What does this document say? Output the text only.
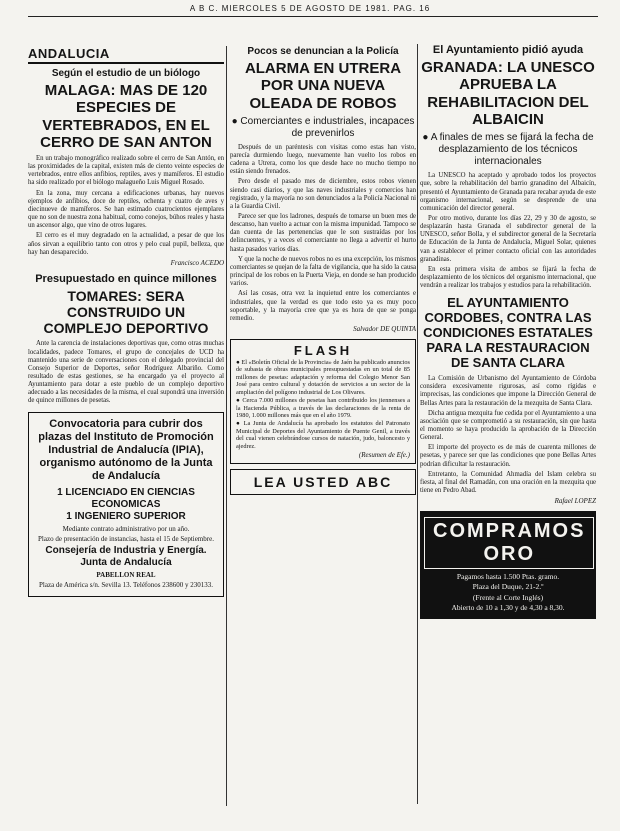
A B C. MIERCOLES 5 DE AGOSTO DE 1981. PAG. 16
ANDALUCIA
Según el estudio de un biólogo
MALAGA: MAS DE 120 ESPECIES DE VERTEBRADOS, EN EL CERRO DE SAN ANTON

En un trabajo monográfico realizado sobre el cerro de San Antón, en las proximidades de la capital, existen más de ciento veinte especies de vertebrados, entre ellos anfibios, reptiles, aves y mamíferos. El estudio ha sido realizado por el biólogo malagueño Luis Miguel Rosado.

En la zona, muy cercana a edificaciones urbanas, hay nuevos ejemplos de anfibios, doce de reptiles, ochenta y cuatro de aves y diecinueve de mamíferos. Se han estimado cuatrocientos ejemplares que no son de nuestra zona habitual, como conejos, búhos reales y hasta un ascensor algo, que vino de otros lugares.

El cerro es el muy degradado en la actualidad, a pesar de que los años sirvan a equilibrio tanto con otros y pelo cual pupil, belleza, que hay han desaparecido.

Francisco ACEDO
Presupuestado en quince millones
TOMARES: SERA CONSTRUIDO UN COMPLEJO DEPORTIVO

Ante la carencia de instalaciones deportivas que, como otras muchas localidades, padece Tomares, el grupo de concejales de UCD ha mantenido una serie de conversaciones con el delegado provincial del Consejo Superior de Deportes, señor Rodríguez Albariño. Como resultado de estas gestiones, se ha encargado ya el proyecto al Ayuntamiento para dotar a este pueblo de un complejo deportivo adecuado a las necesidades de la misma, el cual supondrá una inversión de quince millones de pesetas.

Convocatoria para cubrir dos plazas del Instituto de Promoción Industrial de Andalucía (IPIA), organismo autónomo de la Junta de Andalucía
1 LICENCIADO EN CIENCIAS ECONOMICAS
1 INGENIERO SUPERIOR
Mediante contrato administrativo por un año.
Plazo de presentación de instancias, hasta el 15 de Septiembre.
Consejería de Industria y Energía. Junta de Andalucía
PABELLON REAL
Plaza de América s/n. Sevilla 13. Teléfonos 238600 y 230133.
Pocos se denuncian a la Policía
ALARMA EN UTRERA POR UNA NUEVA OLEADA DE ROBOS
● Comerciantes e industriales, incapaces de prevenirlos

Después de un paréntesis con visitas como estas han visto, parecía durmiendo luego, nuevamente han vuelto los robos en cadena a Utrera, como los que desde hace no mucho tiempo no están siendo frenados.

Pero desde el pasado mes de diciembre, estos robos vienen siendo casi diarios, y que las naves industriales y comercios han registrado, y la mayoría no son denunciados a la Policía Nacional ni a la Guardia Civil.

Parece ser que los ladrones, después de tomarse un buen mes de descanso, han vuelto a actuar con la misma impunidad. Tampoco se dan cuenta de las pertenencias que le son sustraídas por los delincuentes, y a veces el comerciante no llega a advertir el hurto hasta pasados varios días.

Y que la noche de nuevos robos no es una excepción, los mismos comerciantes se quejan de la falta de vigilancia, que ha sido la causa principal de los robos en la Puerta Vieja, en donde se han producido varios.

Así las cosas, otra vez la inquietud entre los comerciantes e industriales, que la verdad es que todo esto ya es muy poco soportable, y la mayoría cree que ya es hora de que se ponga remedio.

Salvador DE QUINTA
FLASH

● El «Boletín Oficial de la Provincia» de Jaén ha publicado anuncios de subasta de obras municipales presupuestadas en un total de 85 millones de pesetas: adaptación y reforma del Colegio Menor San José para centro cultural y dotación de servicios a un sector de la ampliación del polígono industrial de Los Olivares.

● Cerca 7.000 millones de pesetas han contribuido los jiennenses a la Hacienda Pública, a través de las declaraciones de la renta de 1980, 1.000 millones más que en el año 1979.

● La Junta de Andalucía ha aprobado los estatutos del Patronato Municipal de Deportes del Ayuntamiento de Puente Genil, a través del cual vienen celebrándose cursos de natación, judo, baloncesto y ajedrez.

(Resumen de Efe.)
LEA USTED ABC
El Ayuntamiento pidió ayuda
GRANADA: LA UNESCO APRUEBA LA REHABILITACION DEL ALBAICIN
● A finales de mes se fijará la fecha de desplazamiento de los técnicos internacionales

La UNESCO ha aceptado y aprobado todos los proyectos que, sobre la rehabilitación del barrio granadino del Albaicín, presentó el Ayuntamiento de Granada para recabar ayuda de este organismo internacional, según se desprende de una comunicación del director general.

Por otro motivo, durante los días 22, 29 y 30 de agosto, se desplazarán hasta Granada el subdirector general de la UNESCO, señor Bolla, y el subdirector general de la Secretaría de Educación de la Junta de Andalucía, Miguel Solar, quienes van a establecer el primer contacto oficial con las autoridades granadinas.

En esta primera visita de ambos se fijará la fecha de desplazamiento de los técnicos del organismo internacional, que vendrán a realizar los trabajos y estudios para la rehabilitación.

EL AYUNTAMIENTO CORDOBES, CONTRA LAS CONDICIONES ESTATALES PARA LA RESTAURACION DE SANTA CLARA

La Comisión de Urbanismo del Ayuntamiento de Córdoba considera excesivamente rigurosas, así como rígidas e imprecisas, las condiciones que impone la Dirección General de Bellas Artes para la restauración de la mezquita de Santa Clara.

Dicha antigua mezquita fue cedida por el Ayuntamiento a una asociación que se comprometió a su restauración, sin que hasta el momento se haya producido la aprobación de la Dirección General.

El importe del proyecto es de más de cuarenta millones de pesetas, y parece ser que las condiciones que pone Bellas Artes podrían dificultar la restauración.

Entretanto, la Comunidad Ahmadía del Islam celebra su fiesta, al final del Ramadán, con una oración en la mezquita que tiene en Pedro Abad.

Rafael LOPEZ
COMPRAMOS ORO
Pagamos hasta 1.500 Ptas. gramo.
Plaza del Duque, 21-2.º
(Frente al Corte Inglés)
Abierto de 10 a 1,30 y de 4,30 a 8,30.
